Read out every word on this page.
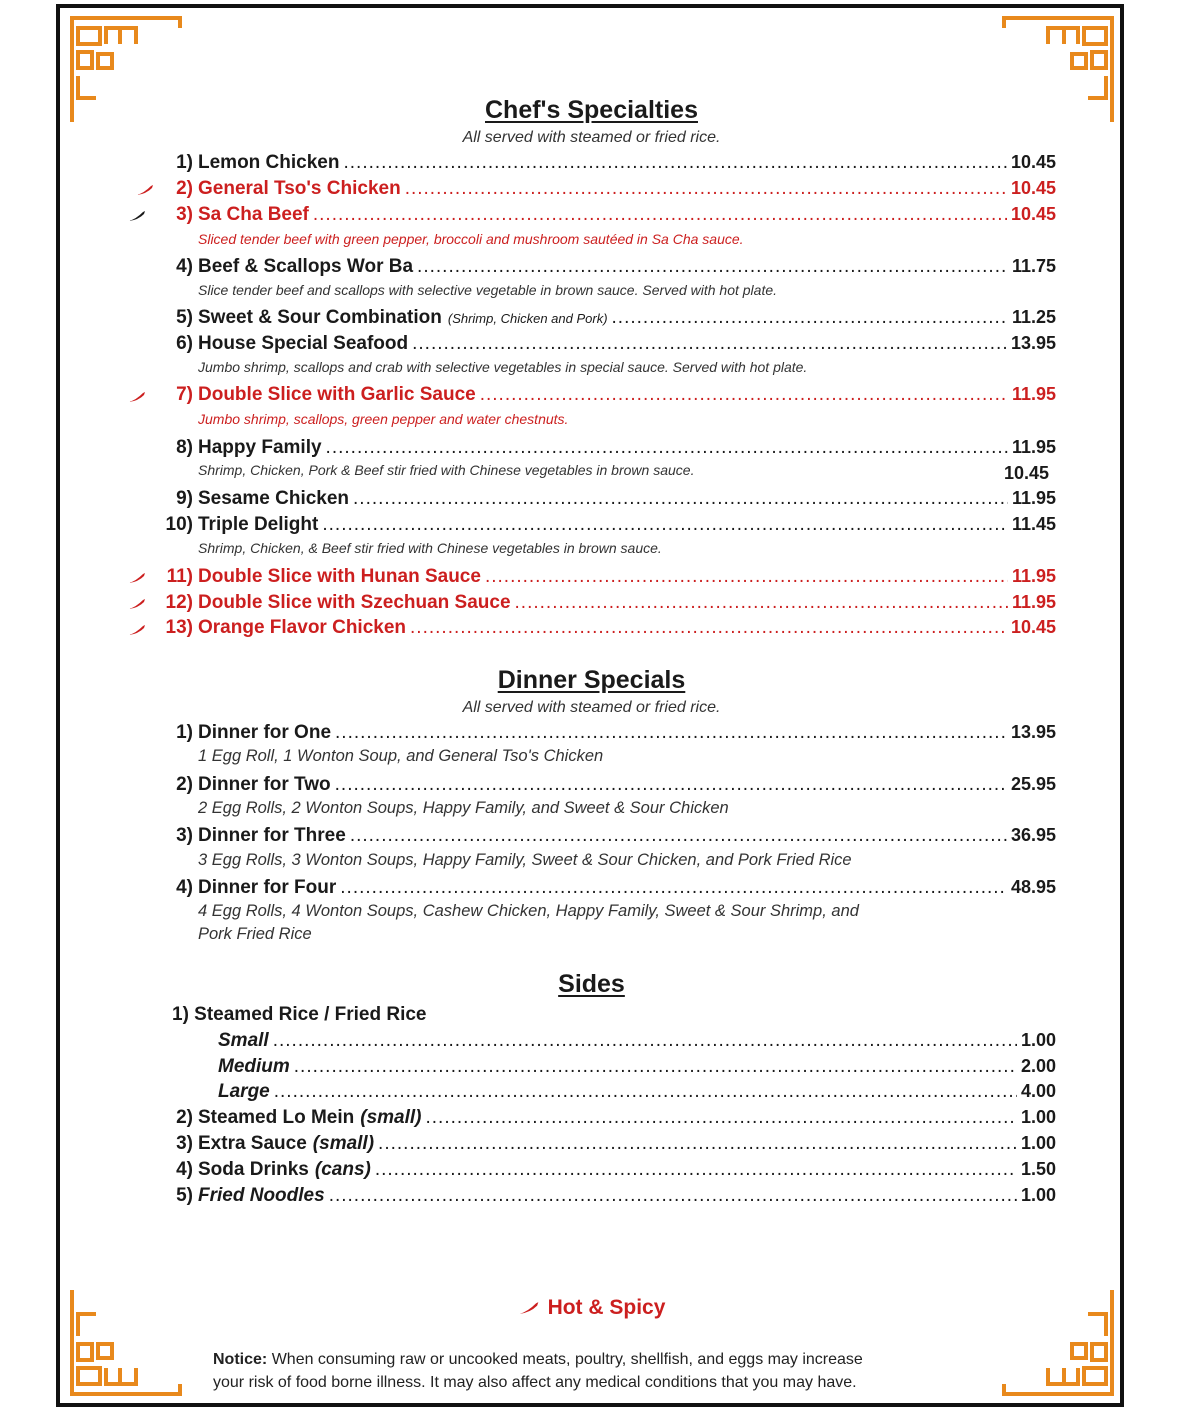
Chef's Specialties

All served with steamed or fried rice.

1) Lemon Chicken .....	10.45
2) General Tso's Chicken .....	10.45
3) Sa Cha Beef .....	10.45
Sliced tender beef with green pepper, broccoli and mushroom sautéed in Sa Cha sauce.
4) Beef & Scallops Wor Ba .....	11.75
Slice tender beef and scallops with selective vegetable in brown sauce. Served with hot plate.
5) Sweet & Sour Combination (Shrimp, Chicken and Pork) .....	11.25
6) House Special Seafood .....	13.95
Jumbo shrimp, scallops and crab with selective vegetables in special sauce. Served with hot plate.
7) Double Slice with Garlic Sauce .....	11.95
Jumbo shrimp, scallops, green pepper and water chestnuts.
8) Happy Family .....	11.95
Shrimp, Chicken, Pork & Beef stir fried with Chinese vegetables in brown sauce.	10.45
9) Sesame Chicken .....	11.95
10) Triple Delight .....	11.45
Shrimp, Chicken, & Beef stir fried with Chinese vegetables in brown sauce.
11) Double Slice with Hunan Sauce .....	11.95
12) Double Slice with Szechuan Sauce .....	11.95
13) Orange Flavor Chicken .....	10.45
Dinner Specials

All served with steamed or fried rice.

1) Dinner for One .....	13.95
1 Egg Roll, 1 Wonton Soup, and General Tso's Chicken
2) Dinner for Two .....	25.95
2 Egg Rolls, 2 Wonton Soups, Happy Family, and Sweet & Sour Chicken
3) Dinner for Three .....	36.95
3 Egg Rolls, 3 Wonton Soups, Happy Family, Sweet & Sour Chicken, and Pork Fried Rice
4) Dinner for Four .....	48.95
4 Egg Rolls, 4 Wonton Soups, Cashew Chicken, Happy Family, Sweet & Sour Shrimp, and
Pork Fried Rice
Sides
1) Steamed Rice / Fried Rice
Small .....	1.00
Medium .....	2.00
Large .....	4.00
2) Steamed Lo Mein (small) .....	1.00
3) Extra Sauce (small) .....	1.00
4) Soda Drinks (cans) .....	1.50
5) Fried Noodles .....	1.00
Hot & Spicy
Notice: When consuming raw or uncooked meats, poultry, shellfish, and eggs may increase
your risk of food borne illness. It may also affect any medical conditions that you may have.
